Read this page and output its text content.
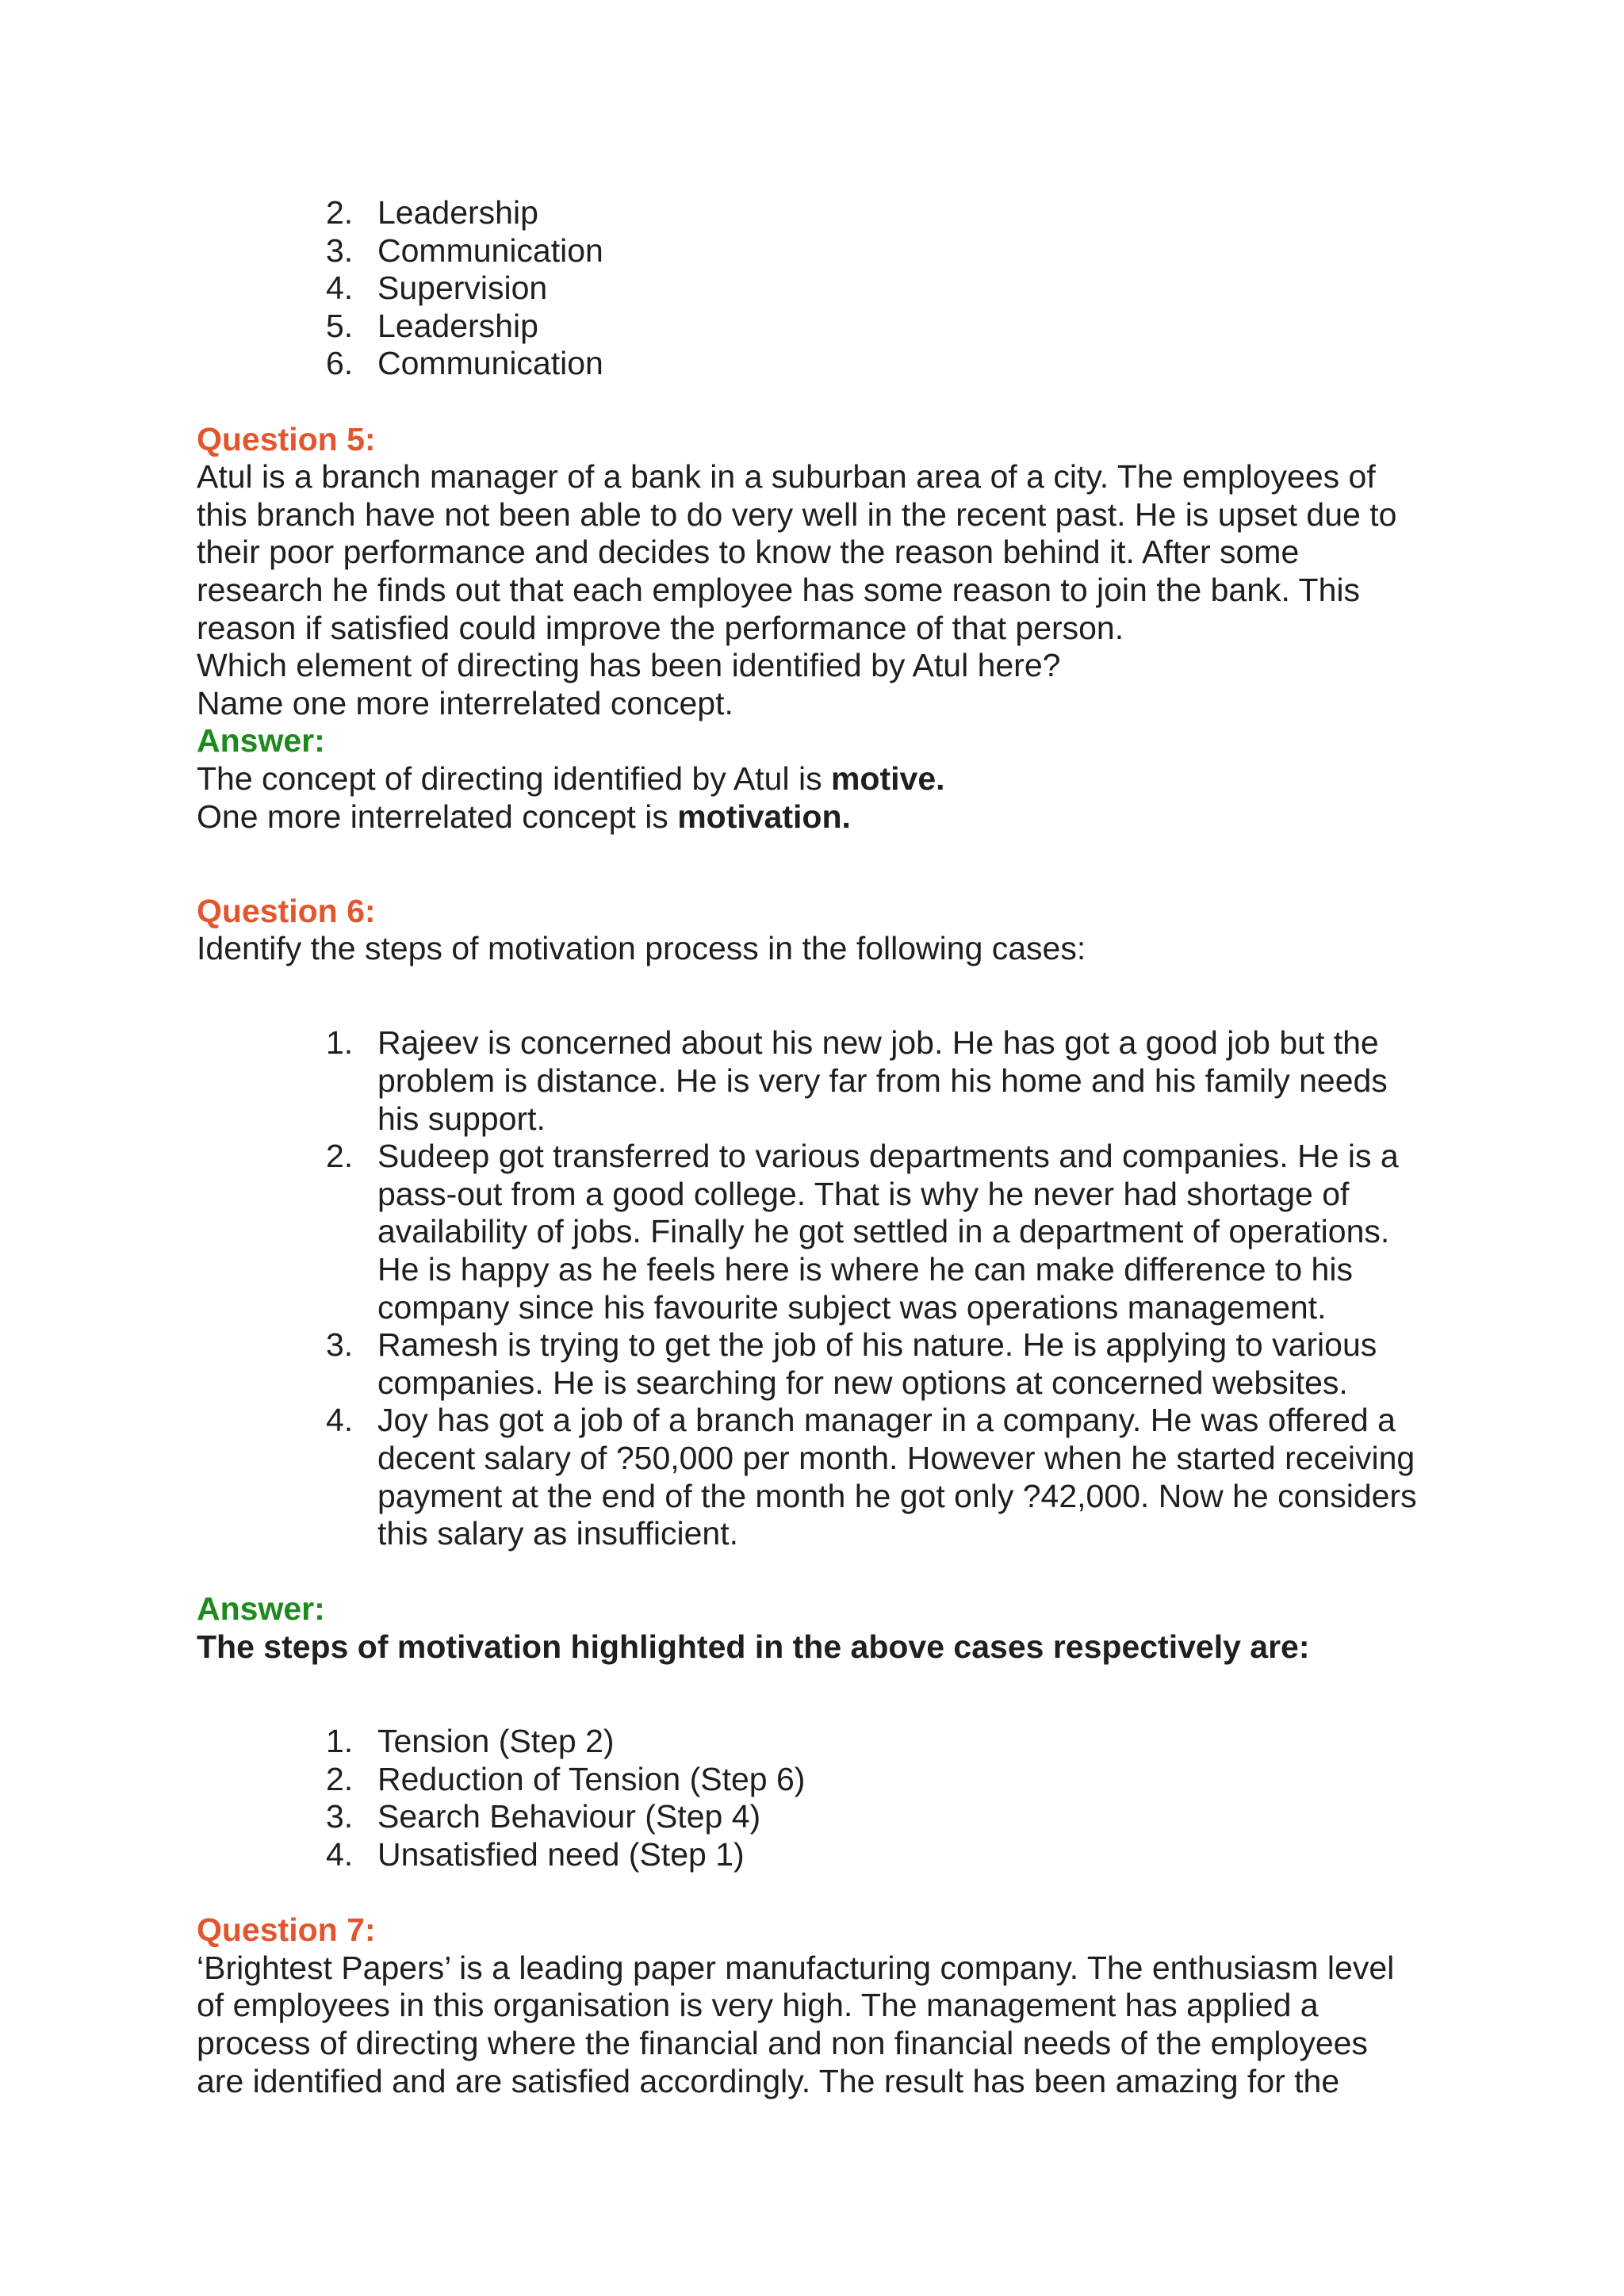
2. Leadership
3. Communication
4. Supervision
5. Leadership
6. Communication

Question 5:

Atul is a branch manager of a bank in a suburban area of a city. The employees of

this branch have not been able to do very well in the recent past. He is upset due to

their poor performance and decides to know the reason behind it. After some

research he finds out that each employee has some reason to join the bank. This

reason if satisfied could improve the performance of that person.

Which element of directing has been identified by Atul here?

Name one more interrelated concept.

Answer:

The concept of directing identified by Atul is motive.

One more interrelated concept is motivation.

Question 6:

Identify the steps of motivation process in the following cases:

1. Rajeev is concerned about his new job. He has got a good job but the
problem is distance. He is very far from his home and his family needs
his support.
2. Sudeep got transferred to various departments and companies. He is a
pass-out from a good college. That is why he never had shortage of
availability of jobs. Finally he got settled in a department of operations.
He is happy as he feels here is where he can make difference to his
company since his favourite subject was operations management.
3. Ramesh is trying to get the job of his nature. He is applying to various
companies. He is searching for new options at concerned websites.
4. Joy has got a job of a branch manager in a company. He was offered a
decent salary of ?50,000 per month. However when he started receiving
payment at the end of the month he got only ?42,000. Now he considers
this salary as insufficient.

Answer:

The steps of motivation highlighted in the above cases respectively are:

1. Tension (Step 2)
2. Reduction of Tension (Step 6)
3. Search Behaviour (Step 4)
4. Unsatisfied need (Step 1)

Question 7:

‘Brightest Papers’ is a leading paper manufacturing company. The enthusiasm level

of employees in this organisation is very high. The management has applied a

process of directing where the financial and non financial needs of the employees

are identified and are satisfied accordingly. The result has been amazing for the
